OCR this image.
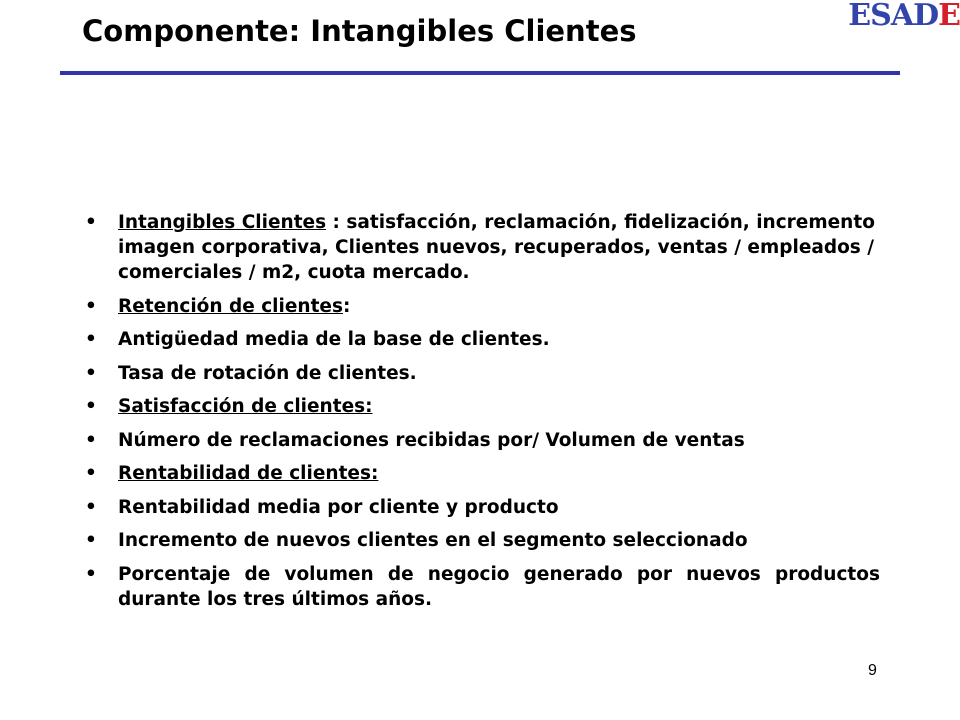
Componente: Intangibles Clientes	ESADE
• Intangibles Clientes : satisfacción, reclamación, fidelización, incremento imagen corporativa, Clientes nuevos, recuperados, ventas / empleados / comerciales / m2, cuota mercado.
• Retención de clientes:
• Antigüedad media de la base de clientes.
• Tasa de rotación de clientes.
• Satisfacción de clientes:
• Número de reclamaciones recibidas por/ Volumen de ventas
• Rentabilidad de clientes:
• Rentabilidad media por cliente y producto
• Incremento de nuevos clientes en el segmento seleccionado
• Porcentaje de volumen de negocio generado por nuevos productos durante los tres últimos años.
9
